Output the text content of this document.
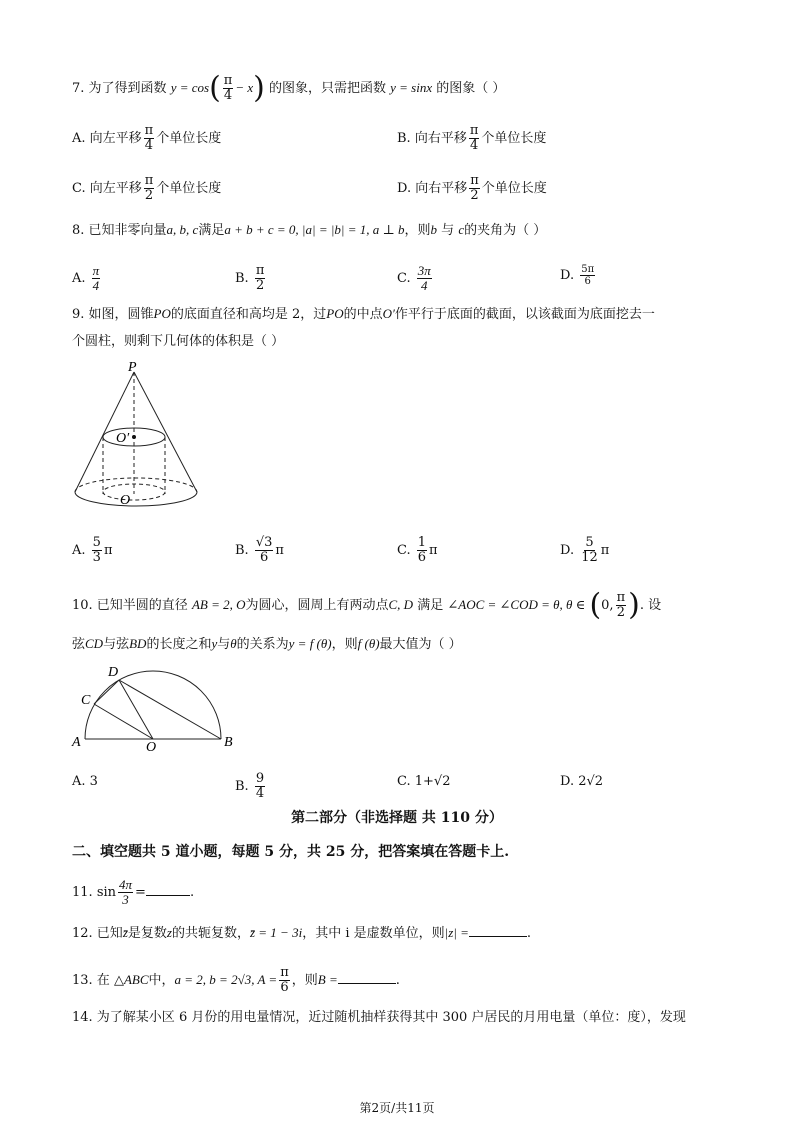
7. 为了得到函数 $y = \cos( \frac{\pi}{4} - x)$ 的图象，只需把函数 y = sinx 的图象（ ）
A. 向左平移 $\frac{\pi}{4}$ 个单位长度	B. 向右平移 $\frac{\pi}{4}$ 个单位长度
C. 向左平移 $\frac{\pi}{2}$ 个单位长度	D. 向右平移 $\frac{\pi}{2}$ 个单位长度
8. 已知非零向量a, b, c满足a + b + c = 0, |a| = |b| = 1, a ⊥ b，则b 与 c的夹角为（ ）
A. $\frac{\pi}{4}$	B. $\frac{\pi}{2}$	C. $\frac{3\pi}{4}$	D. $\frac{5\pi}{6}$
9. 如图，圆锥PO的底面直径和高均是 2，过PO的中点O′作平行于底面的截面，以该截面为底面挖去一
个圆柱，则剩下几何体的体积是（ ）
P
O′
O
A. $\frac{5}{3}$ π	B. $\frac{√3}{6}$ π	C. $\frac{1}{6}$ π	D. $\frac{5}{12}$ π
10. 已知半圆的直径 AB = 2, O为圆心，圆周上有两动点C, D 满足 ∠AOC = ∠COD = θ, θ ∈ (0, $\frac{\pi}{2}$ ). 设
弦CD与弦BD的长度之和y与θ的关系为y = f (θ)，则f (θ)最大值为（ ）
D
C
A	O	B
A. 3	B. $\frac{9}{4}$	C. 1+√2	D. 2√2
第二部分（非选择题 共 110 分）
二、填空题共 5 道小题，每题 5 分，共 25 分，把答案填在答题卡上.
11. $\sin \frac{4\pi}{3}$ =	.
12. 已知z̄是复数z的共轭复数，z̄ = 1 − 3i，其中 i 是虚数单位，则|z| =	.
13. 在 △ABC中，a = 2, b = 2√3, $A = \frac{\pi}{6}$ ，则B =	.
14. 为了解某小区 6 月份的用电量情况，近过随机抽样获得其中 300 户居民的月用电量（单位：度），发现
第2页/共11页
